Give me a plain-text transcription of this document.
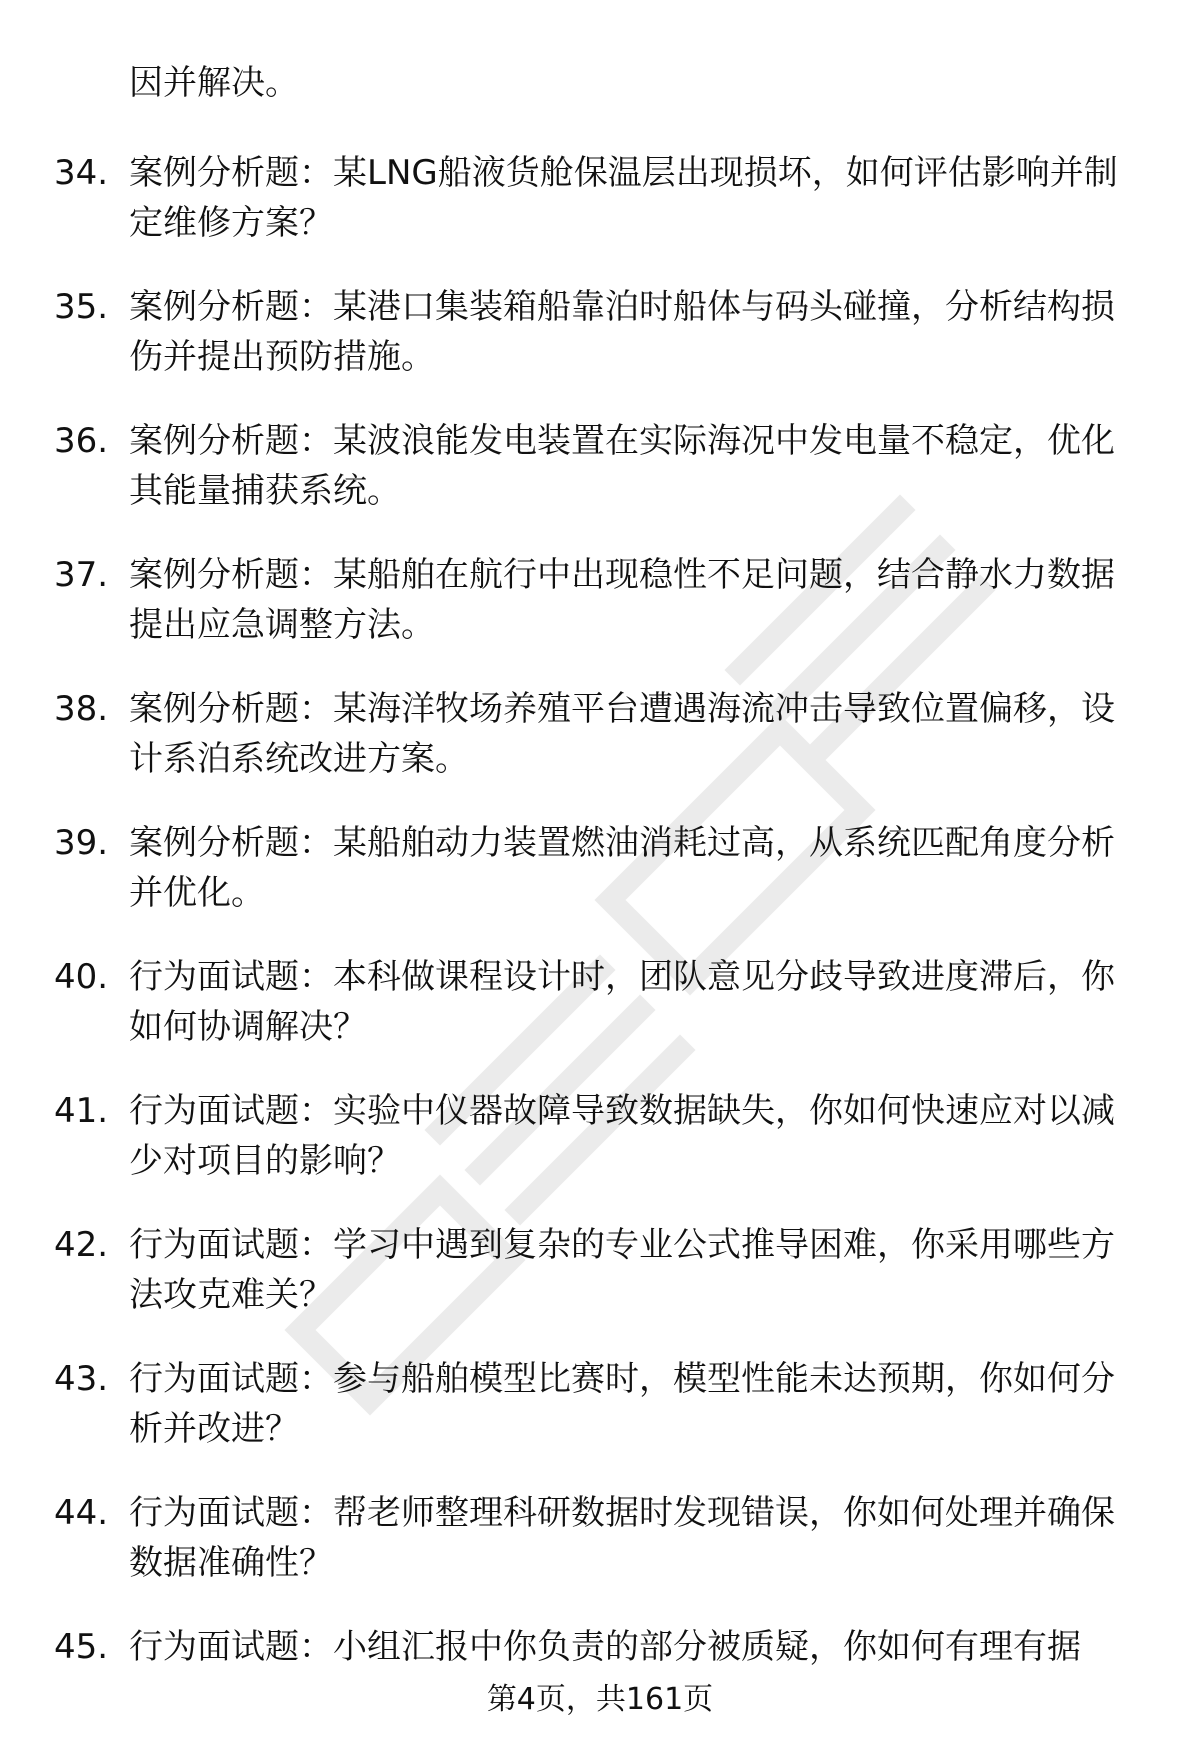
因并解决。

34. 案例分析题：某LNG船液货舱保温层出现损坏，如何评估影响并制定维修方案？

35. 案例分析题：某港口集装箱船靠泊时船体与码头碰撞，分析结构损伤并提出预防措施。

36. 案例分析题：某波浪能发电装置在实际海况中发电量不稳定，优化其能量捕获系统。

37. 案例分析题：某船舶在航行中出现稳性不足问题，结合静水力数据提出应急调整方法。

38. 案例分析题：某海洋牧场养殖平台遭遇海流冲击导致位置偏移，设计系泊系统改进方案。

39. 案例分析题：某船舶动力装置燃油消耗过高，从系统匹配角度分析并优化。

40. 行为面试题：本科做课程设计时，团队意见分歧导致进度滞后，你如何协调解决？

41. 行为面试题：实验中仪器故障导致数据缺失，你如何快速应对以减少对项目的影响？

42. 行为面试题：学习中遇到复杂的专业公式推导困难，你采用哪些方法攻克难关？

43. 行为面试题：参与船舶模型比赛时，模型性能未达预期，你如何分析并改进？

44. 行为面试题：帮老师整理科研数据时发现错误，你如何处理并确保数据准确性？

45. 行为面试题：小组汇报中你负责的部分被质疑，你如何有理有据

第4页，共161页
